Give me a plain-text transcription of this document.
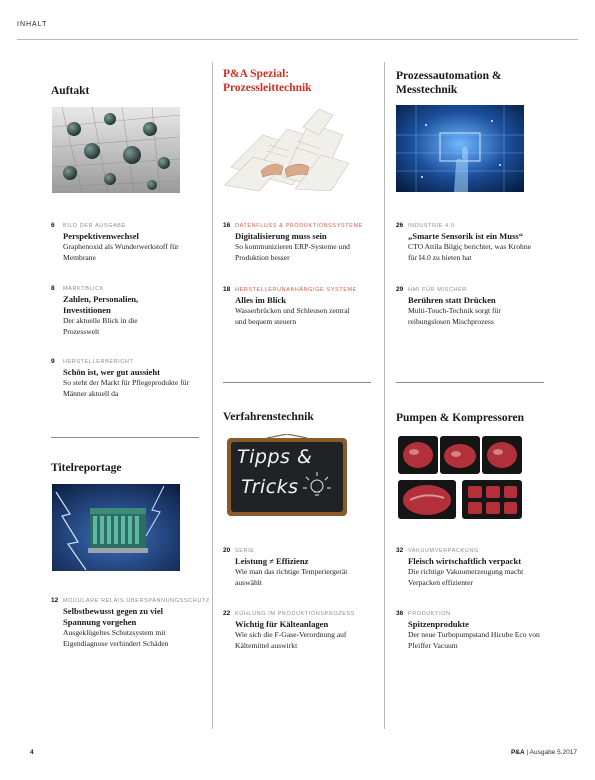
INHALT
Auftakt
6 BILD DER AUSGABE
Perspektivenwechsel
Graphenoxid als Wunderwerkstoff für Membrane
8 MARKTBLICK
Zahlen, Personalien, Investitionen
Der aktuelle Blick in die Prozesswelt
9 HERSTELLERBERICHT
Schön ist, wer gut aussieht
So steht der Markt für Pflegeprodukte für Männer aktuell da
Titelreportage
12 MODULARE RELAIS ÜBERSPANNUNGSSCHUTZ
Selbstbewusst gegen zu viel Spannung vorgehen
Ausgeklügeltes Schutzsystem mit Eigendiagnose verhindert Schäden
P&A Spezial: Prozessleittechnik
16 DATENFLUSS & PRODUKTIONSSYSTEME
Digitalisierung muss sein
So kommunizieren ERP-Systeme und Produktion besser
18 HERSTELLERUNABHÄNGIGE SYSTEME
Alles im Blick
Wasserbrücken und Schleusen zentral und bequem steuern
Verfahrenstechnik
Tipps &
Tricks
20 SERIE
Leistung ≠ Effizienz
Wie man das richtige Temperiergerät auswählt
22 KÜHLUNG IM PRODUKTIONSPROZESS
Wichtig für Kälteanlagen
Wie sich die F-Gase-Verordnung auf Kältemittel auswirkt
Prozessautomation & Messtechnik
26 INDUSTRIE 4.0
„Smarte Sensorik ist ein Muss“
CTO Attila Bilgiç berichtet, was Krohne für I4.0 zu bieten hat
29 HMI FÜR MISCHER
Berühren statt Drücken
Multi-Touch-Technik sorgt für reibungslosen Mischprozess
Pumpen & Kompressoren
32 VAKUUMVERPACKUNG
Fleisch wirtschaftlich verpackt
Die richtige Vakuumerzeugung macht Verpacken effizienter
36 PRODUKTION
Spitzenprodukte
Der neue Turbopumpstand Hicube Eco von Pfeiffer Vacuum
4	P&A | Ausgabe 5.2017
